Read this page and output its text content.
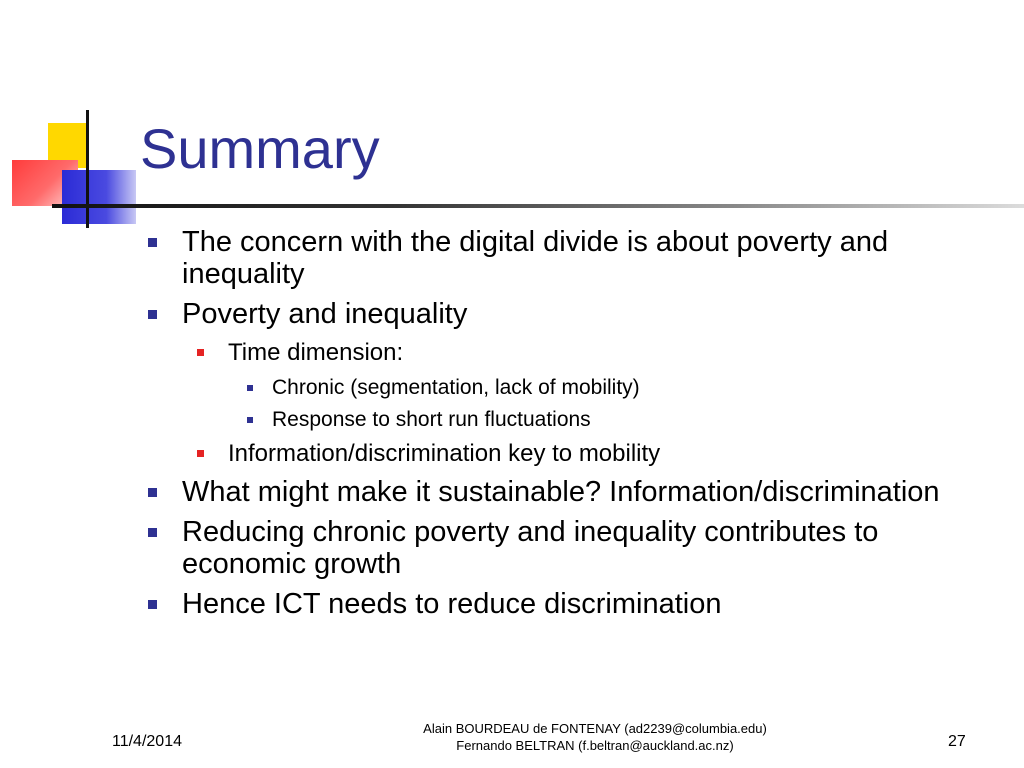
Summary
The concern with the digital divide is about poverty and inequality
Poverty and inequality
Time dimension:
Chronic (segmentation, lack of mobility)
Response to short run fluctuations
Information/discrimination key to mobility
What might make it sustainable? Information/discrimination
Reducing chronic poverty and inequality contributes to economic growth
Hence ICT needs to reduce discrimination
11/4/2014
Alain BOURDEAU de FONTENAY (ad2239@columbia.edu)
Fernando BELTRAN (f.beltran@auckland.ac.nz)	27
